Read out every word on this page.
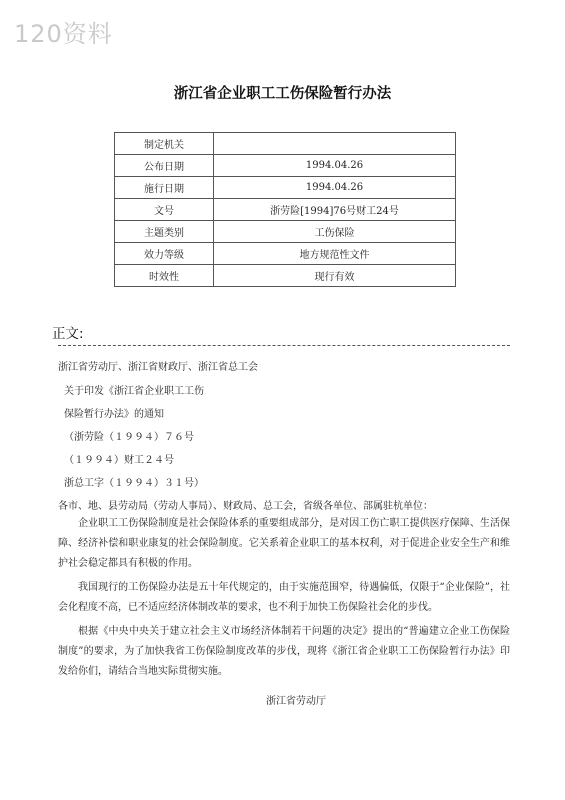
120资料
浙江省企业职工工伤保险暂行办法
制定机关	
公布日期	1994.04.26
施行日期	1994.04.26
文号	浙劳险[1994]76号财工24号
主题类别	工伤保险
效力等级	地方规范性文件
时效性	现行有效
正文:
浙江省劳动厅、浙江省财政厅、浙江省总工会
关于印发《浙江省企业职工工伤
保险暂行办法》的通知
（浙劳险（１９９４）７６号
（１９９４）财工２４号
浙总工字（１９９４）３１号）
各市、地、县劳动局（劳动人事局）、财政局、总工会，省级各单位、部属驻杭单位：
企业职工工伤保险制度是社会保险体系的重要组成部分，是对因工伤亡职工提供医疗保障、生活保障、经济补偿和职业康复的社会保险制度。它关系着企业职工的基本权利，对于促进企业安全生产和维护社会稳定都具有积极的作用。
我国现行的工伤保险办法是五十年代规定的，由于实施范围窄，待遇偏低，仅限于“企业保险”，社会化程度不高，已不适应经济体制改革的要求，也不利于加快工伤保险社会化的步伐。
根据《中央中央关于建立社会主义市场经济体制若干问题的决定》提出的“普遍建立企业工伤保险制度”的要求，为了加快我省工伤保险制度改革的步伐，现将《浙江省企业职工工伤保险暂行办法》印发给你们，请结合当地实际贯彻实施。
浙江省劳动厅
